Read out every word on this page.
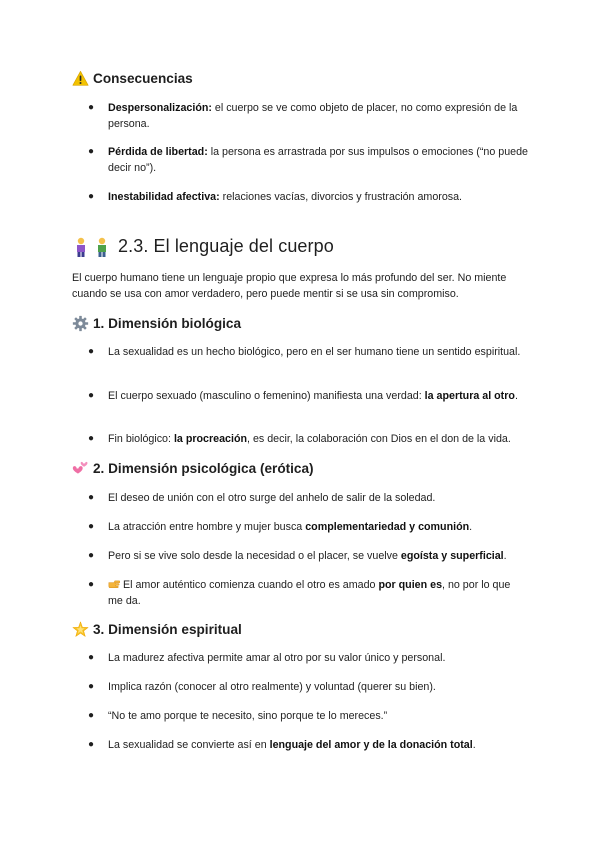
Consecuencias
● Despersonalización: el cuerpo se ve como objeto de placer, no como expresión de la persona.
● Pérdida de libertad: la persona es arrastrada por sus impulsos o emociones (“no puede decir no”).
● Inestabilidad afectiva: relaciones vacías, divorcios y frustración amorosa.
2.3. El lenguaje del cuerpo
El cuerpo humano tiene un lenguaje propio que expresa lo más profundo del ser. No miente cuando se usa con amor verdadero, pero puede mentir si se usa sin compromiso.
1. Dimensión biológica
● La sexualidad es un hecho biológico, pero en el ser humano tiene un sentido espiritual.
● El cuerpo sexuado (masculino o femenino) manifiesta una verdad: la apertura al otro.
● Fin biológico: la procreación, es decir, la colaboración con Dios en el don de la vida.
2. Dimensión psicológica (erótica)
● El deseo de unión con el otro surge del anhelo de salir de la soledad.
● La atracción entre hombre y mujer busca complementariedad y comunión.
● Pero si se vive solo desde la necesidad o el placer, se vuelve egoísta y superficial.
●	El amor auténtico comienza cuando el otro es amado por quien es, no por lo que me da.
3. Dimensión espiritual
● La madurez afectiva permite amar al otro por su valor único y personal.
● Implica razón (conocer al otro realmente) y voluntad (querer su bien).
● “No te amo porque te necesito, sino porque te lo mereces.”
● La sexualidad se convierte así en lenguaje del amor y de la donación total.
